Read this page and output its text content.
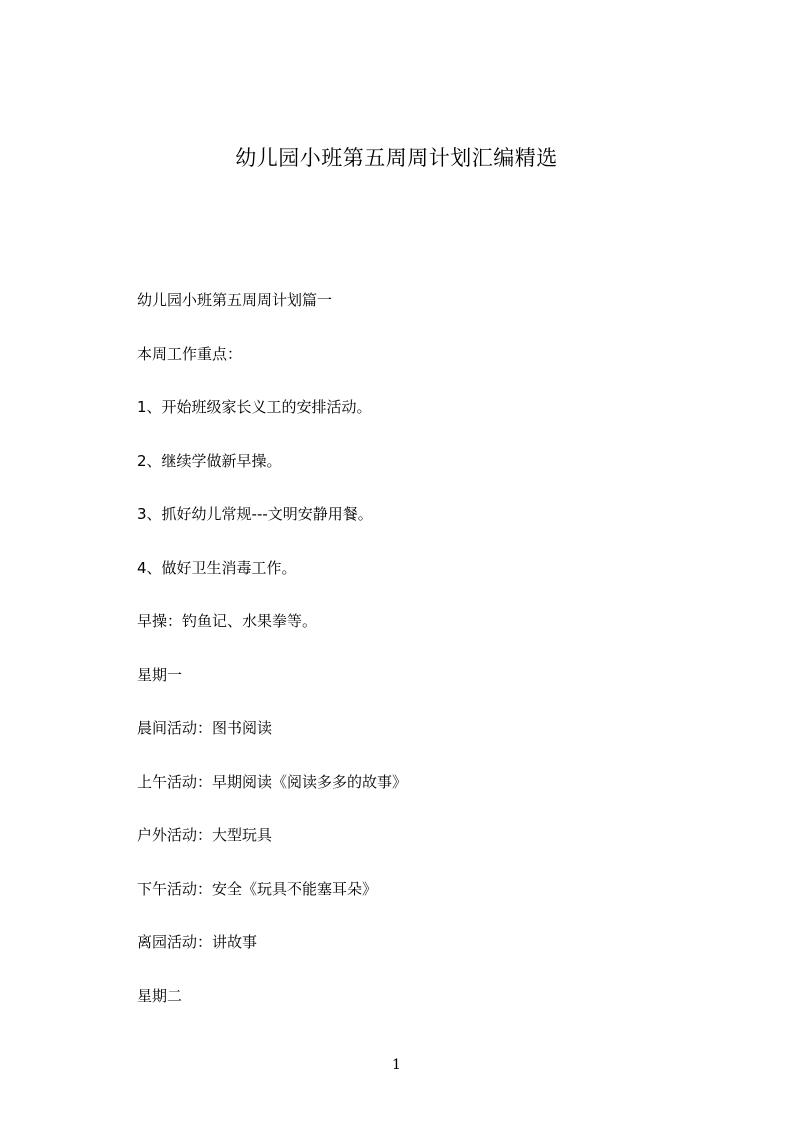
幼儿园小班第五周周计划汇编精选

幼儿园小班第五周周计划篇一

本周工作重点：

1、开始班级家长义工的安排活动。

2、继续学做新早操。

3、抓好幼儿常规---文明安静用餐。

4、做好卫生消毒工作。

早操：钓鱼记、水果拳等。

星期一

晨间活动：图书阅读

上午活动：早期阅读《阅读多多的故事》

户外活动：大型玩具

下午活动：安全《玩具不能塞耳朵》

离园活动：讲故事

星期二

1
